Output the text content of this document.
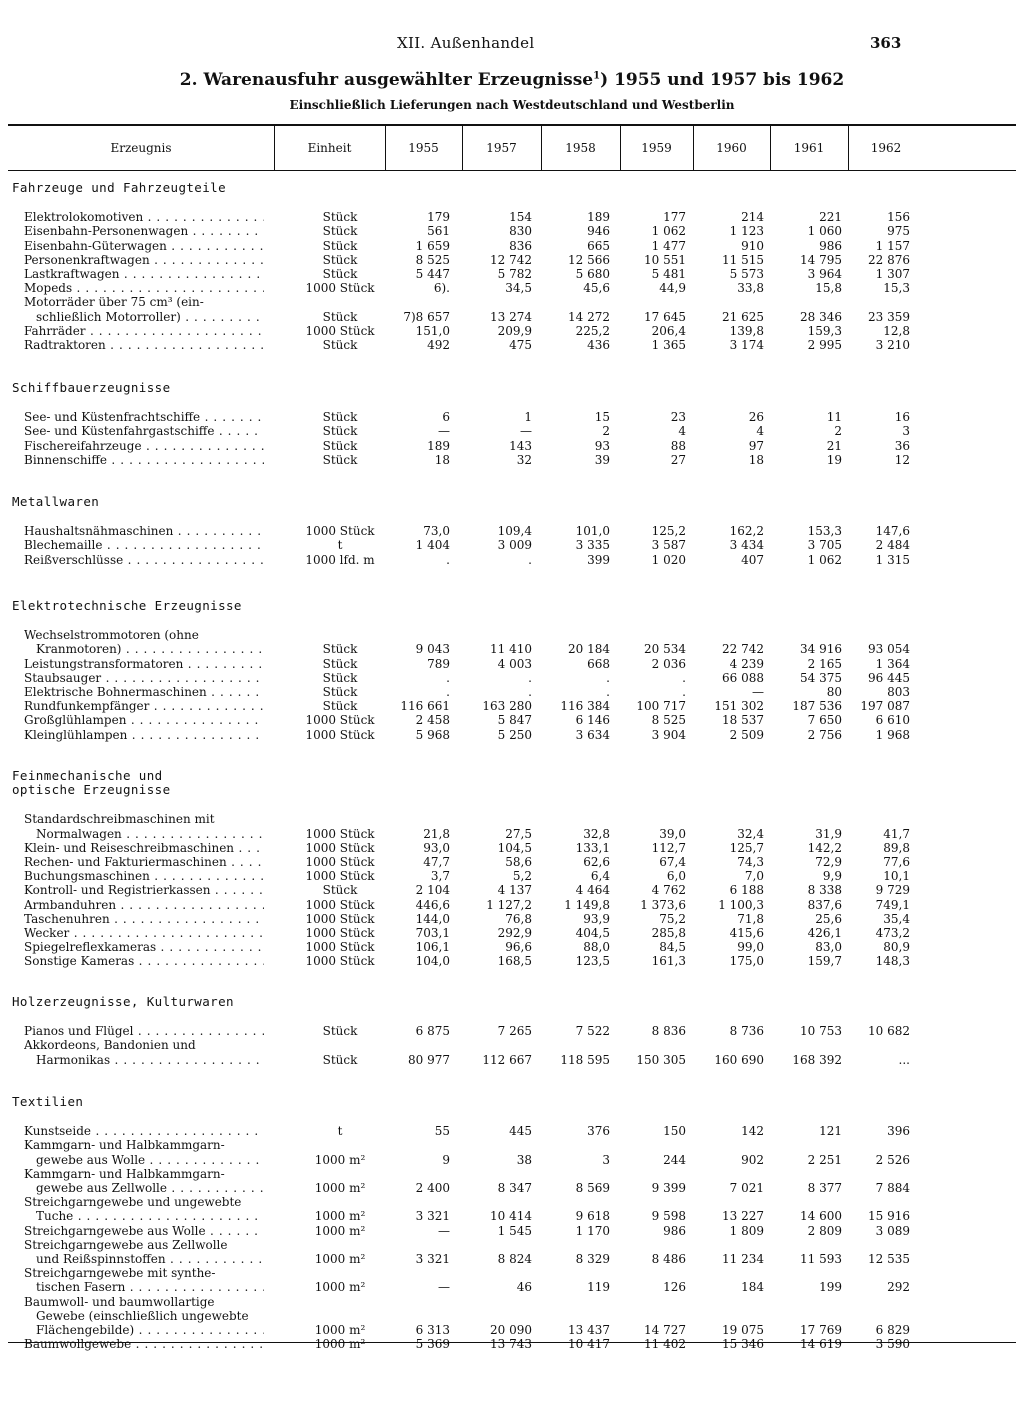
XII. Außenhandel	363
2. Warenausfuhr ausgewählter Erzeugnisse$^1$) 1955 und 1957 bis 1962
Einschließlich Lieferungen nach Westdeutschland und Westberlin
Erzeugnis	Einheit	1955	1957	1958	1959	1960	1961	1962
Fahrzeuge und Fahrzeugteile
Elektrolokomotiven . . .	Stück	179	154	189	177	214	221	156
Eisenbahn-Personenwagen . . .	Stück	561	830	946	1 062	1 123	1 060	975
Eisenbahn-Güterwagen . . .	Stück	1 659	836	665	1 477	910	986	1 157
Personenkraftwagen . . .	Stück	8 525	12 742	12 566	10 551	11 515	14 795	22 876
Lastkraftwagen . . .	Stück	5 447	5 782	5 680	5 481	5 573	3 964	1 307
Mopeds . . .	1000 Stück	6).	34,5	45,6	44,9	33,8	15,8	15,3
Motorräder über 75 cm³ (ein-
schließlich Motorroller) . . .	Stück	7)8 657	13 274	14 272	17 645	21 625	28 346	23 359
Fahrräder . . .	1000 Stück	151,0	209,9	225,2	206,4	139,8	159,3	12,8
Radtraktoren . . .	Stück	492	475	436	1 365	3 174	2 995	3 210
Schiffbauerzeugnisse
See- und Küstenfrachtschiffe . . .	Stück	6	1	15	23	26	11	16
See- und Küstenfahrgastschiffe . . .	Stück	—	—	2	4	4	2	3
Fischereifahrzeuge . . .	Stück	189	143	93	88	97	21	36
Binnenschiffe . . .	Stück	18	32	39	27	18	19	12
Metallwaren
Haushaltsnähmaschinen . . .	1000 Stück	73,0	109,4	101,0	125,2	162,2	153,3	147,6
Blechemaille . . .	t	1 404	3 009	3 335	3 587	3 434	3 705	2 484
Reißverschlüsse . . .	1000 lfd. m	.	.	399	1 020	407	1 062	1 315
Elektrotechnische Erzeugnisse
Wechselstrommotoren (ohne
Kranmotoren) . . .	Stück	9 043	11 410	20 184	20 534	22 742	34 916	93 054
Leistungstransformatoren . . .	Stück	789	4 003	668	2 036	4 239	2 165	1 364
Staubsauger . . .	Stück	.	.	.	.	66 088	54 375	96 445
Elektrische Bohnermaschinen . . .	Stück	.	.	.	.	—	80	803
Rundfunkempfänger . . .	Stück	116 661	163 280	116 384	100 717	151 302	187 536	197 087
Großglühlampen . . .	1000 Stück	2 458	5 847	6 146	8 525	18 537	7 650	6 610
Kleinglühlampen . . .	1000 Stück	5 968	5 250	3 634	3 904	2 509	2 756	1 968
Feinmechanische und
optische Erzeugnisse
Standardschreibmaschinen mit
Normalwagen . . .	1000 Stück	21,8	27,5	32,8	39,0	32,4	31,9	41,7
Klein- und Reiseschreibmaschinen . . .	1000 Stück	93,0	104,5	133,1	112,7	125,7	142,2	89,8
Rechen- und Fakturiermaschinen . . .	1000 Stück	47,7	58,6	62,6	67,4	74,3	72,9	77,6
Buchungsmaschinen . . .	1000 Stück	3,7	5,2	6,4	6,0	7,0	9,9	10,1
Kontroll- und Registrierkassen . . .	Stück	2 104	4 137	4 464	4 762	6 188	8 338	9 729
Armbanduhren . . .	1000 Stück	446,6	1 127,2	1 149,8	1 373,6	1 100,3	837,6	749,1
Taschenuhren . . .	1000 Stück	144,0	76,8	93,9	75,2	71,8	25,6	35,4
Wecker . . .	1000 Stück	703,1	292,9	404,5	285,8	415,6	426,1	473,2
Spiegelreflexkameras . . .	1000 Stück	106,1	96,6	88,0	84,5	99,0	83,0	80,9
Sonstige Kameras . . .	1000 Stück	104,0	168,5	123,5	161,3	175,0	159,7	148,3
Holzerzeugnisse, Kulturwaren
Pianos und Flügel . . .	Stück	6 875	7 265	7 522	8 836	8 736	10 753	10 682
Akkordeons, Bandonien und
Harmonikas . . .	Stück	80 977	112 667	118 595	150 305	160 690	168 392	...
Textilien
Kunstseide . . .	t	55	445	376	150	142	121	396
Kammgarn- und Halbkammgarn-
gewebe aus Wolle . . .	1000 m²	9	38	3	244	902	2 251	2 526
Kammgarn- und Halbkammgarn-
gewebe aus Zellwolle . . .	1000 m²	2 400	8 347	8 569	9 399	7 021	8 377	7 884
Streichgarngewebe und ungewebte
Tuche . . .	1000 m²	3 321	10 414	9 618	9 598	13 227	14 600	15 916
Streichgarngewebe aus Wolle . . .	1000 m²	—	1 545	1 170	986	1 809	2 809	3 089
Streichgarngewebe aus Zellwolle
und Reißspinnstoffen . . .	1000 m²	3 321	8 824	8 329	8 486	11 234	11 593	12 535
Streichgarngewebe mit synthe-
tischen Fasern . . .	1000 m²	—	46	119	126	184	199	292
Baumwoll- und baumwollartige
Gewebe (einschließlich ungewebte
Flächengebilde) . . .	1000 m²	6 313	20 090	13 437	14 727	19 075	17 769	6 829
Baumwollgewebe . . .	1000 m²	5 369	13 743	10 417	11 402	15 346	14 619	3 590
